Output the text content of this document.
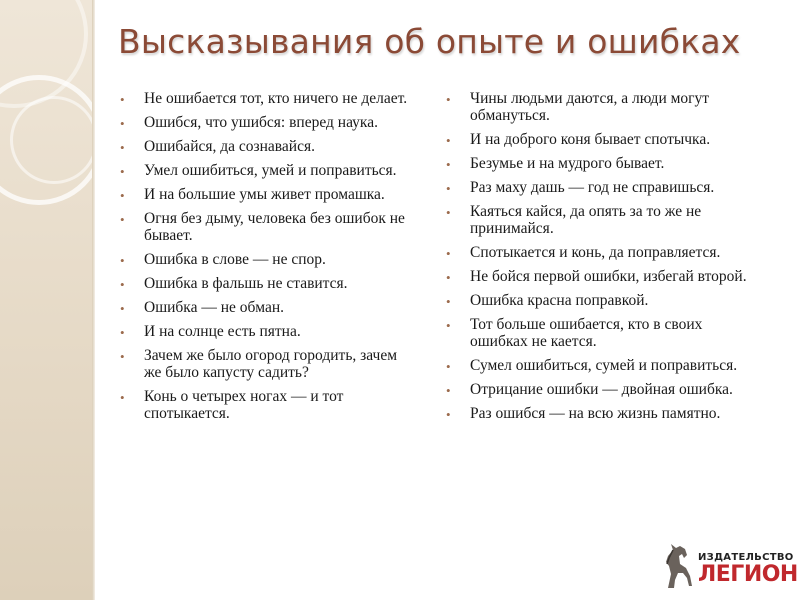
Высказывания об опыте и ошибках
• Не ошибается тот, кто ничего не делает.
• Ошибся, что ушибся: вперед наука.
• Ошибайся, да сознавайся.
• Умел ошибиться, умей и поправиться.
• И на большие умы живет промашка.
• Огня без дыму, человека без ошибок не бывает.
• Ошибка в слове — не спор.
• Ошибка в фальшь не ставится.
• Ошибка — не обман.
• И на солнце есть пятна.
• Зачем же было огород городить, зачем же было капусту садить?
• Конь о четырех ногах — и тот спотыкается.
• Чины людьми даются, а люди могут обмануться.
• И на доброго коня бывает спотычка.
• Безумье и на мудрого бывает.
• Раз маху дашь — год не справишься.
• Каяться кайся, да опять за то же не принимайся.
• Спотыкается и конь, да поправляется.
• Не бойся первой ошибки, избегай второй.
• Ошибка красна поправкой.
• Тот больше ошибается, кто в своих ошибках не кается.
• Сумел ошибиться, сумей и поправиться.
• Отрицание ошибки — двойная ошибка.
• Раз ошибся — на всю жизнь памятно.
ИЗДАТЕЛЬСТВО
ЛЕГИОН
